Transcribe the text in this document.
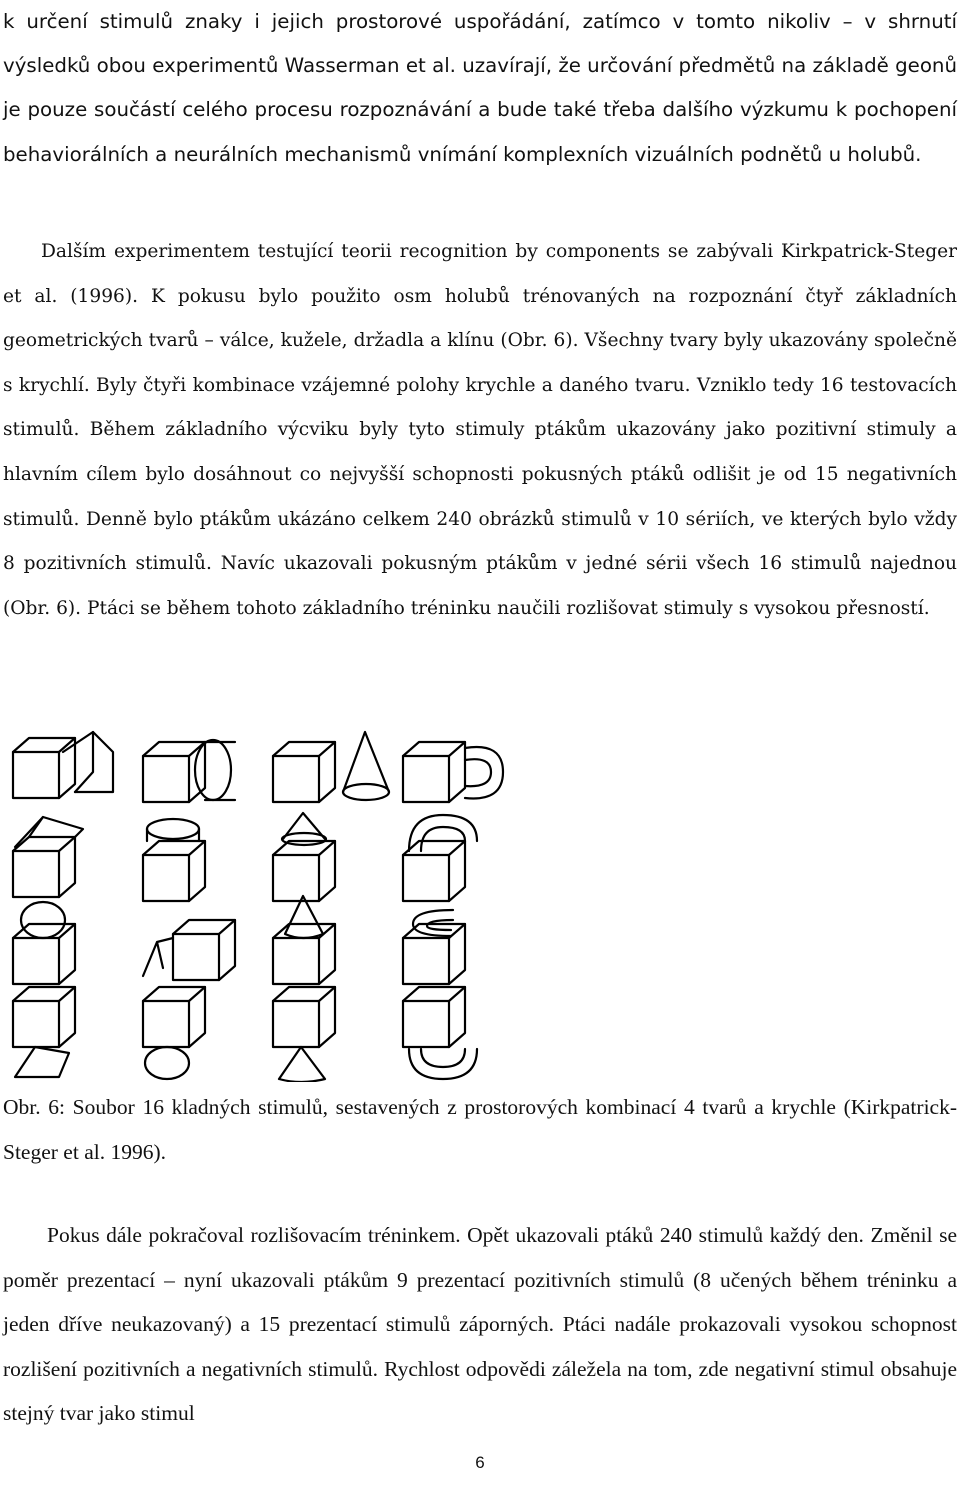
k určení stimulů znaky i jejich prostorové uspořádání, zatímco v tomto nikoliv – v shrnutí výsledků obou experimentů Wasserman et al. uzavírají, že určování předmětů na základě geonů je pouze součástí celého procesu rozpoznávání a bude také třeba dalšího výzkumu k pochopení behaviorálních a neurálních mechanismů vnímání komplexních vizuálních podnětů u holubů.

Dalším experimentem testující teorii recognition by components se zabývali Kirkpatrick-Steger et al. (1996). K pokusu bylo použito osm holubů trénovaných na rozpoznání čtyř základních geometrických tvarů – válce, kužele, držadla a klínu (Obr. 6). Všechny tvary byly ukazovány společně s krychlí. Byly čtyři kombinace vzájemné polohy krychle a daného tvaru. Vzniklo tedy 16 testovacích stimulů. Během základního výcviku byly tyto stimuly ptákům ukazovány jako pozitivní stimuly a hlavním cílem bylo dosáhnout co nejvyšší schopnosti pokusných ptáků odlišit je od 15 negativních stimulů. Denně bylo ptákům ukázáno celkem 240 obrázků stimulů v 10 sériích, ve kterých bylo vždy 8 pozitivních stimulů. Navíc ukazovali pokusným ptákům v jedné sérii všech 16 stimulů najednou (Obr. 6). Ptáci se během tohoto základního tréninku naučili rozlišovat stimuly s vysokou přesností.

Obr. 6: Soubor 16 kladných stimulů, sestavených z prostorových kombinací 4 tvarů a krychle (Kirkpatrick-Steger et al. 1996).

Pokus dále pokračoval rozlišovacím tréninkem. Opět ukazovali ptáků 240 stimulů každý den. Změnil se poměr prezentací – nyní ukazovali ptákům 9 prezentací pozitivních stimulů (8 učených během tréninku a jeden dříve neukazovaný) a 15 prezentací stimulů záporných. Ptáci nadále prokazovali vysokou schopnost rozlišení pozitivních a negativních stimulů. Rychlost odpovědi záležela na tom, zde negativní stimul obsahuje stejný tvar jako stimul

6
